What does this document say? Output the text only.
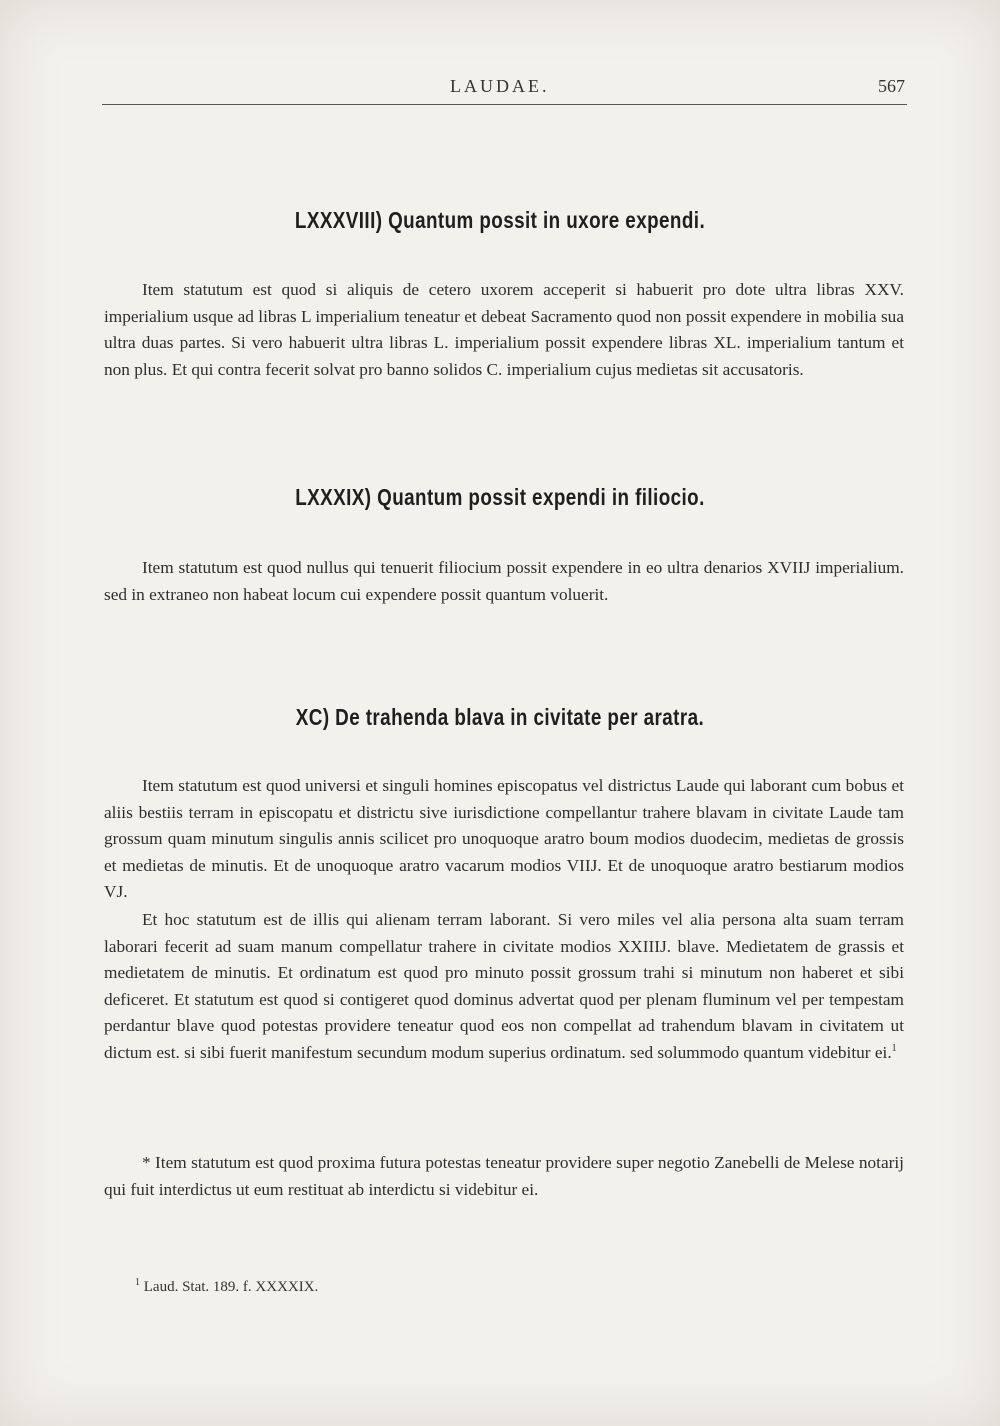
LAUDAE.	567
LXXXVIII) Quantum possit in uxore expendi.
Item statutum est quod si aliquis de cetero uxorem acceperit si habuerit pro dote ultra libras XXV. imperialium usque ad libras L imperialium teneatur et debeat Sacramento quod non possit expendere in mobilia sua ultra duas partes. Si vero habuerit ultra libras L. imperialium possit expendere libras XL. imperialium tantum et non plus. Et qui contra fecerit solvat pro banno solidos C. imperialium cujus medietas sit accusatoris.
LXXXIX) Quantum possit expendi in filiocio.
Item statutum est quod nullus qui tenuerit filiocium possit expendere in eo ultra denarios XVIIJ imperialium. sed in extraneo non habeat locum cui expendere possit quantum voluerit.
XC) De trahenda blava in civitate per aratra.
Item statutum est quod universi et singuli homines episcopatus vel districtus Laude qui laborant cum bobus et aliis bestiis terram in episcopatu et districtu sive iurisdictione compellantur trahere blavam in civitate Laude tam grossum quam minutum singulis annis scilicet pro unoquoque aratro boum modios duodecim, medietas de grossis et medietas de minutis. Et de unoquoque aratro vacarum modios VIIJ. Et de unoquoque aratro bestiarum modios VJ.
Et hoc statutum est de illis qui alienam terram laborant. Si vero miles vel alia persona alta suam terram laborari fecerit ad suam manum compellatur trahere in civitate modios XXIIIJ. blave. Medietatem de grassis et medietatem de minutis. Et ordinatum est quod pro minuto possit grossum trahi si minutum non haberet et sibi deficeret. Et statutum est quod si contigeret quod dominus advertat quod per plenam fluminum vel per tempestam perdantur blave quod potestas providere teneatur quod eos non compellat ad trahendum blavam in civitatem ut dictum est. si sibi fuerit manifestum secundum modum superius ordinatum. sed solummodo quantum videbitur ei.$^1$
* Item statutum est quod proxima futura potestas teneatur providere super negotio Zanebelli de Melese notarij qui fuit interdictus ut eum restituat ab interdictu si videbitur ei.
$^1$ Laud. Stat. 189. f. XXXXIX.
